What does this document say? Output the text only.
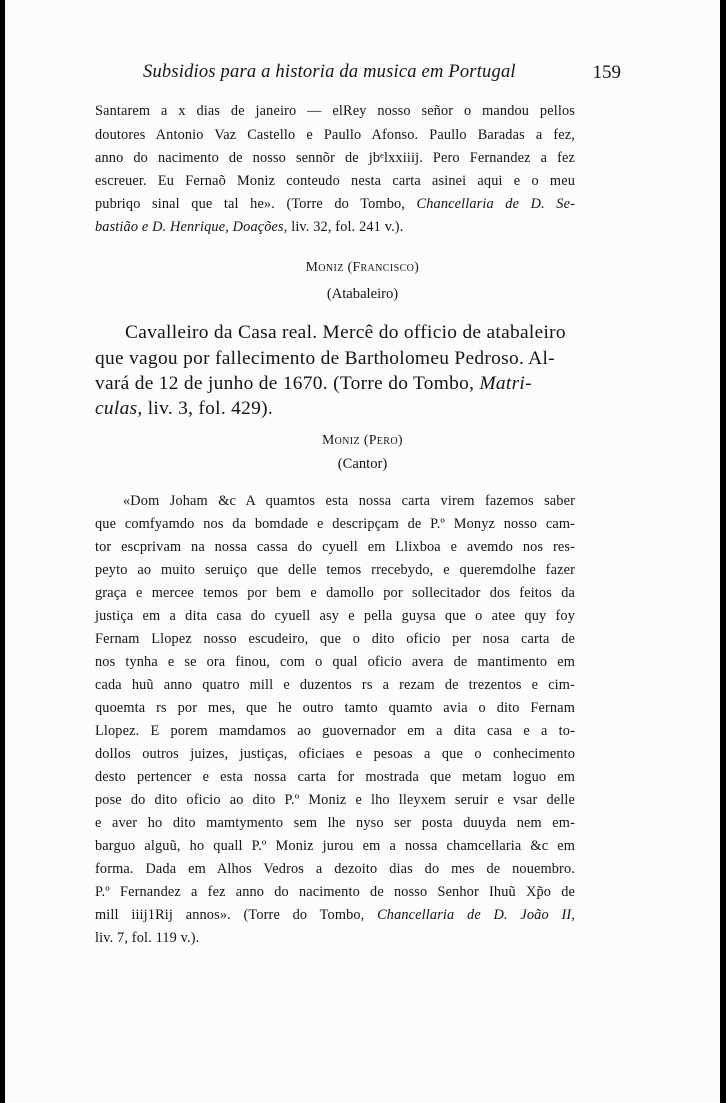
Subsidios para a historia da musica em Portugal	159

Santarem a x dias de janeiro — elRey nosso señor o mandou pellos

doutores Antonio Vaz Castello e Paullo Afonso. Paullo Baradas a fez,

anno do nacimento de nosso sennõr de jbᵉlxxiiij. Pero Fernandez a fez

escreuer. Eu Fernaõ Moniz conteudo nesta carta asinei aqui e o meu

pubriqo sinal que tal he». (Torre do Tombo, Chancellaria de D. Se-

bastião e D. Henrique, Doações, liv. 32, fol. 241 v.).

Moniz (Francisco)

(Atabaleiro)

Cavalleiro da Casa real. Mercê do officio de atabaleiro

que vagou por fallecimento de Bartholomeu Pedroso. Al-

vará de 12 de junho de 1670. (Torre do Tombo, Matri-

culas, liv. 3, fol. 429).

Moniz (Pero)

(Cantor)

«Dom Joham &c A quamtos esta nossa carta virem fazemos saber

que comfyamdo nos da bomdade e descripçam de P.º Monyz nosso cam-

tor escprivam na nossa cassa do cyuell em Llixboa e avemdo nos res-

peyto ao muito seruiço que delle temos rrecebydo, e queremdolhe fazer

graça e mercee temos por bem e damollo por sollecitador dos feitos da

justiça em a dita casa do cyuell asy e pella guysa que o atee quy foy

Fernam Llopez nosso escudeiro, que o dito oficio per nosa carta de

nos tynha e se ora finou, com o qual oficio avera de mantimento em

cada huũ anno quatro mill e duzentos rs a rezam de trezentos e cim-

quoemta rs por mes, que he outro tamto quamto avia o dito Fernam

Llopez. E porem mamdamos ao guovernador em a dita casa e a to-

dollos outros juizes, justiças, oficiaes e pesoas a que o conhecimento

desto pertencer e esta nossa carta for mostrada que metam loguo em

pose do dito oficio ao dito P.º Moniz e lho lleyxem seruir e vsar delle

e aver ho dito mamtymento sem lhe nyso ser posta duuyda nem em-

barguo alguũ, ho quall P.º Moniz jurou em a nossa chamcellaria &c em

forma. Dada em Alhos Vedros a dezoito dias do mes de nouembro.

P.º Fernandez a fez anno do nacimento de nosso Senhor Ihuũ Xp̃o de

mill iiij1Rij annos». (Torre do Tombo, Chancellaria de D. João II,

liv. 7, fol. 119 v.).
